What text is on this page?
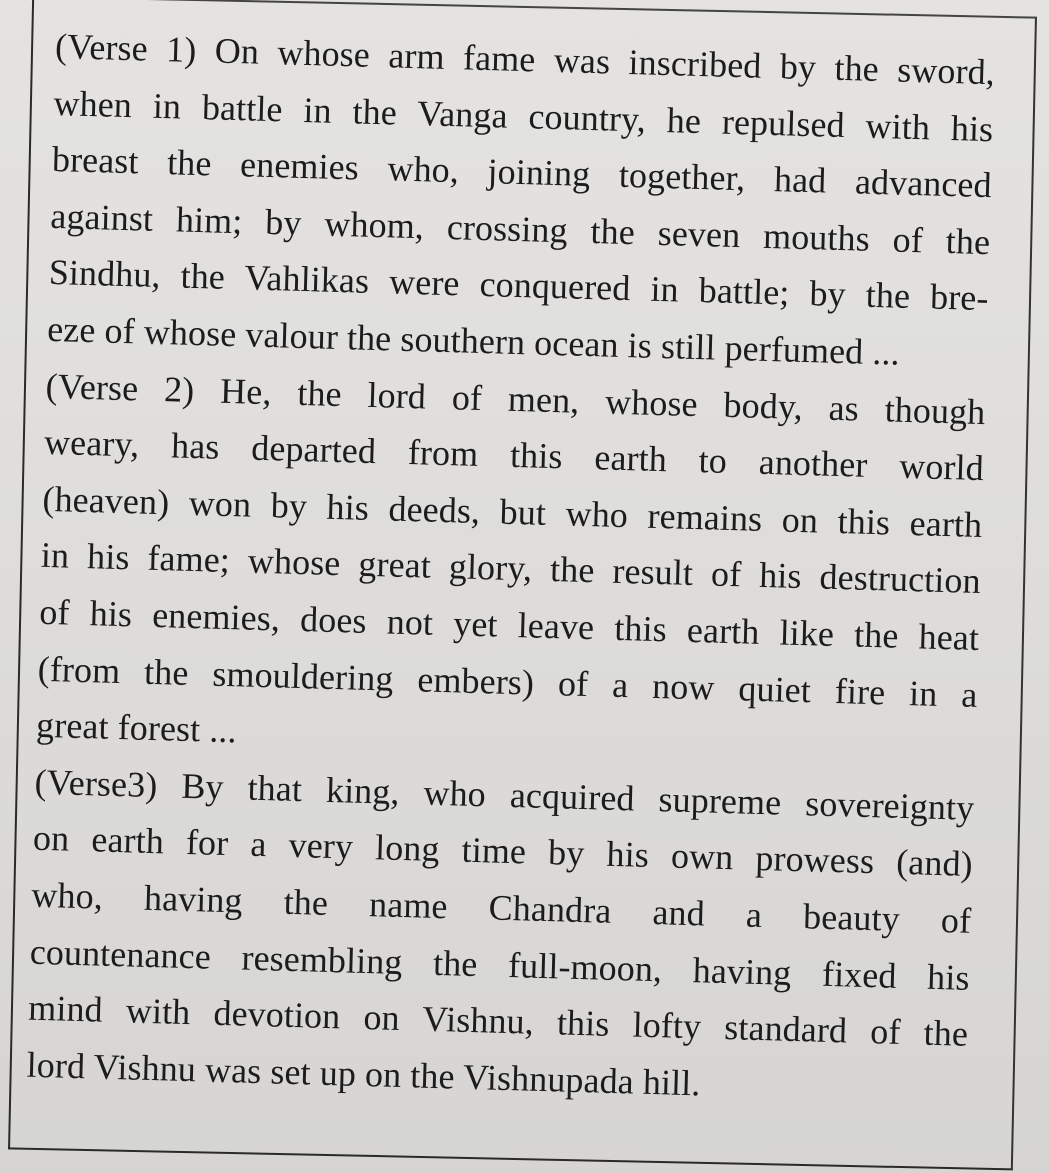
(Verse 1) On whose arm fame was inscribed by the sword,
when in battle in the Vanga country, he repulsed with his
breast the enemies who, joining together, had advanced
against him; by whom, crossing the seven mouths of the
Sindhu, the Vahlikas were conquered in battle; by the bre-
eze of whose valour the southern ocean is still perfumed ...
(Verse 2) He, the lord of men, whose body, as though
weary, has departed from this earth to another world
(heaven) won by his deeds, but who remains on this earth
in his fame; whose great glory, the result of his destruction
of his enemies, does not yet leave this earth like the heat
(from the smouldering embers) of a now quiet fire in a
great forest ...
(Verse3) By that king, who acquired supreme sovereignty
on earth for a very long time by his own prowess (and)
who, having the name Chandra and a beauty of
countenance resembling the full-moon, having fixed his
mind with devotion on Vishnu, this lofty standard of the
lord Vishnu was set up on the Vishnupada hill.
